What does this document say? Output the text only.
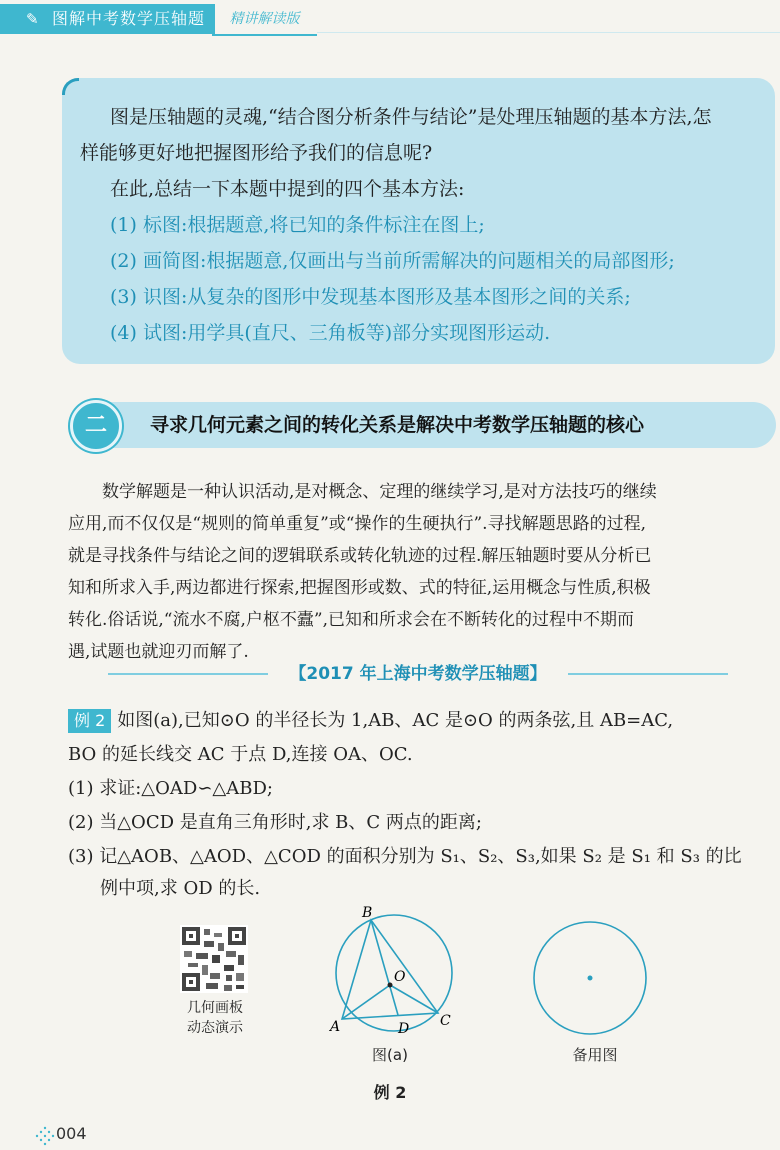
✎ 图解中考数学压轴题	精讲解读版

图是压轴题的灵魂,“结合图分析条件与结论”是处理压轴题的基本方法,怎

样能够更好地把握图形给予我们的信息呢?

在此,总结一下本题中提到的四个基本方法:

(1) 标图:根据题意,将已知的条件标注在图上;

(2) 画简图:根据题意,仅画出与当前所需解决的问题相关的局部图形;

(3) 识图:从复杂的图形中发现基本图形及基本图形之间的关系;

(4) 试图:用学具(直尺、三角板等)部分实现图形运动.

二	寻求几何元素之间的转化关系是解决中考数学压轴题的核心
数学解题是一种认识活动,是对概念、定理的继续学习,是对方法技巧的继续
应用,而不仅仅是“规则的简单重复”或“操作的生硬执行”.寻找解题思路的过程,
就是寻找条件与结论之间的逻辑联系或转化轨迹的过程.解压轴题时要从分析已
知和所求入手,两边都进行探索,把握图形或数、式的特征,运用概念与性质,积极
转化.俗话说,“流水不腐,户枢不蠹”,已知和所求会在不断转化的过程中不期而
遇,试题也就迎刃而解了.
【2017 年上海中考数学压轴题】

例 2 如图(a),已知⊙O 的半径长为 1,AB、AC 是⊙O 的两条弦,且 AB=AC,

BO 的延长线交 AC 于点 D,连接 OA、OC.

(1) 求证:△OAD∽△ABD;

(2) 当△OCD 是直角三角形时,求 B、C 两点的距离;

(3) 记△AOB、△AOD、△COD 的面积分别为 S₁、S₂、S₃,如果 S₂ 是 S₁ 和 S₃ 的比

例中项,求 OD 的长.

几何画板
动态演示
B
O
A	D C
图(a)	备用图
例 2
004
